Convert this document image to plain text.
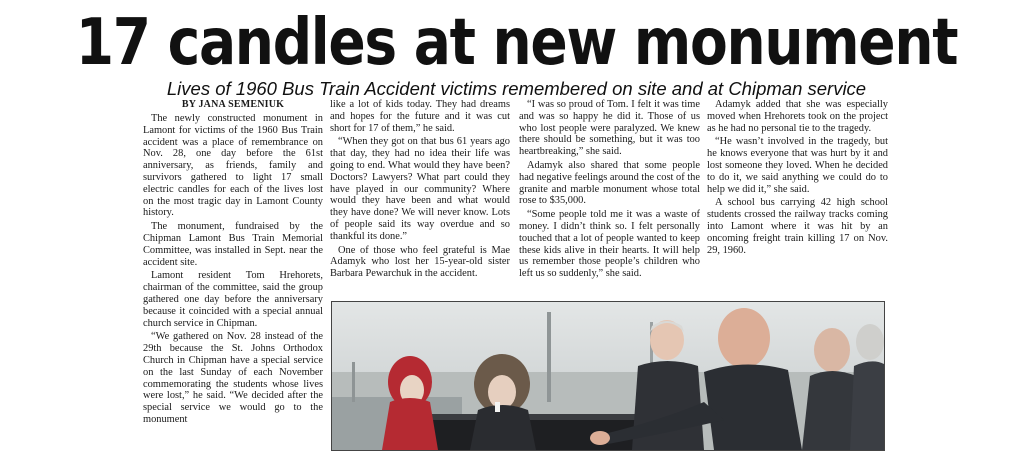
17 candles at new monument
Lives of 1960 Bus Train Accident victims remembered on site and at Chipman service
BY JANA SEMENIUK

The newly constructed monument in Lamont for victims of the 1960 Bus Train accident was a place of remembrance on Nov. 28, one day before the 61st anniversary, as friends, family and survivors gathered to light 17 small electric candles for each of the lives lost on the most tragic day in Lamont County history.

The monument, fundraised by the Chipman Lamont Bus Train Memorial Committee, was installed in Sept. near the accident site.

Lamont resident Tom Hrehorets, chairman of the committee, said the group gathered one day before the anniversary because it coincided with a special annual church service in Chipman.

“We gathered on Nov. 28 instead of the 29th because the St. Johns Orthodox Church in Chipman have a special service on the last Sunday of each November commemorating the students whose lives were lost,” he said. “We decided after the special service we would go to the monument

like a lot of kids today. They had dreams and hopes for the future and it was cut short for 17 of them,” he said.

“When they got on that bus 61 years ago that day, they had no idea their life was going to end. What would they have been? Doctors? Lawyers? What part could they have played in our community? Where would they have been and what would they have done? We will never know. Lots of people said its way overdue and so thankful its done.”

One of those who feel grateful is Mae Adamyk who lost her 15-year-old sister Barbara Pewarchuk in the accident.

“I was so proud of Tom. I felt it was time and was so happy he did it. Those of us who lost people were paralyzed. We knew there should be something, but it was too heartbreaking,” she said.

Adamyk also shared that some people had negative feelings around the cost of the granite and marble monument whose total rose to $35,000.

“Some people told me it was a waste of money. I didn’t think so. I felt personally touched that a lot of people wanted to keep these kids alive in their hearts. It will help us remember those people’s children who left us so suddenly,” she said.

Adamyk added that she was especially moved when Hrehorets took on the project as he had no personal tie to the tragedy.

“He wasn’t involved in the tragedy, but he knows everyone that was hurt by it and lost someone they loved. When he decided to do it, we said anything we could do to help we did it,” she said.

A school bus carrying 42 high school students crossed the railway tracks coming into Lamont where it was hit by an oncoming freight train killing 17 on Nov. 29, 1960.
